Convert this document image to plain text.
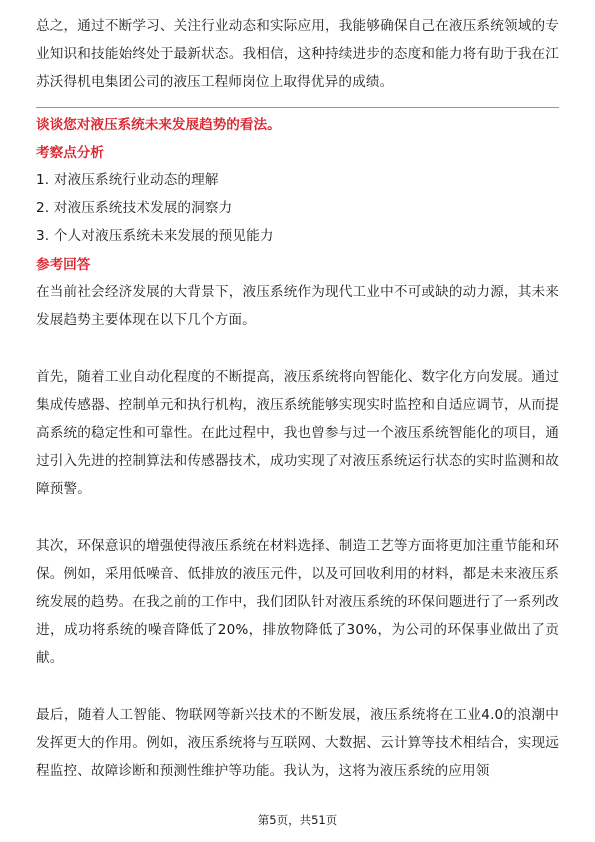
总之，通过不断学习、关注行业动态和实际应用，我能够确保自己在液压系统领域的专业知识和技能始终处于最新状态。我相信，这种持续进步的态度和能力将有助于我在江苏沃得机电集团公司的液压工程师岗位上取得优异的成绩。

谈谈您对液压系统未来发展趋势的看法。

考察点分析

1. 对液压系统行业动态的理解
2. 对液压系统技术发展的洞察力
3. 个人对液压系统未来发展的预见能力

参考回答

在当前社会经济发展的大背景下，液压系统作为现代工业中不可或缺的动力源，其未来发展趋势主要体现在以下几个方面。

首先，随着工业自动化程度的不断提高，液压系统将向智能化、数字化方向发展。通过集成传感器、控制单元和执行机构，液压系统能够实现实时监控和自适应调节，从而提高系统的稳定性和可靠性。在此过程中，我也曾参与过一个液压系统智能化的项目，通过引入先进的控制算法和传感器技术，成功实现了对液压系统运行状态的实时监测和故障预警。

其次，环保意识的增强使得液压系统在材料选择、制造工艺等方面将更加注重节能和环保。例如，采用低噪音、低排放的液压元件，以及可回收利用的材料，都是未来液压系统发展的趋势。在我之前的工作中，我们团队针对液压系统的环保问题进行了一系列改进，成功将系统的噪音降低了20%，排放物降低了30%，为公司的环保事业做出了贡献。

最后，随着人工智能、物联网等新兴技术的不断发展，液压系统将在工业4.0的浪潮中发挥更大的作用。例如，液压系统将与互联网、大数据、云计算等技术相结合，实现远程监控、故障诊断和预测性维护等功能。我认为，这将为液压系统的应用领

第5页，共51页
